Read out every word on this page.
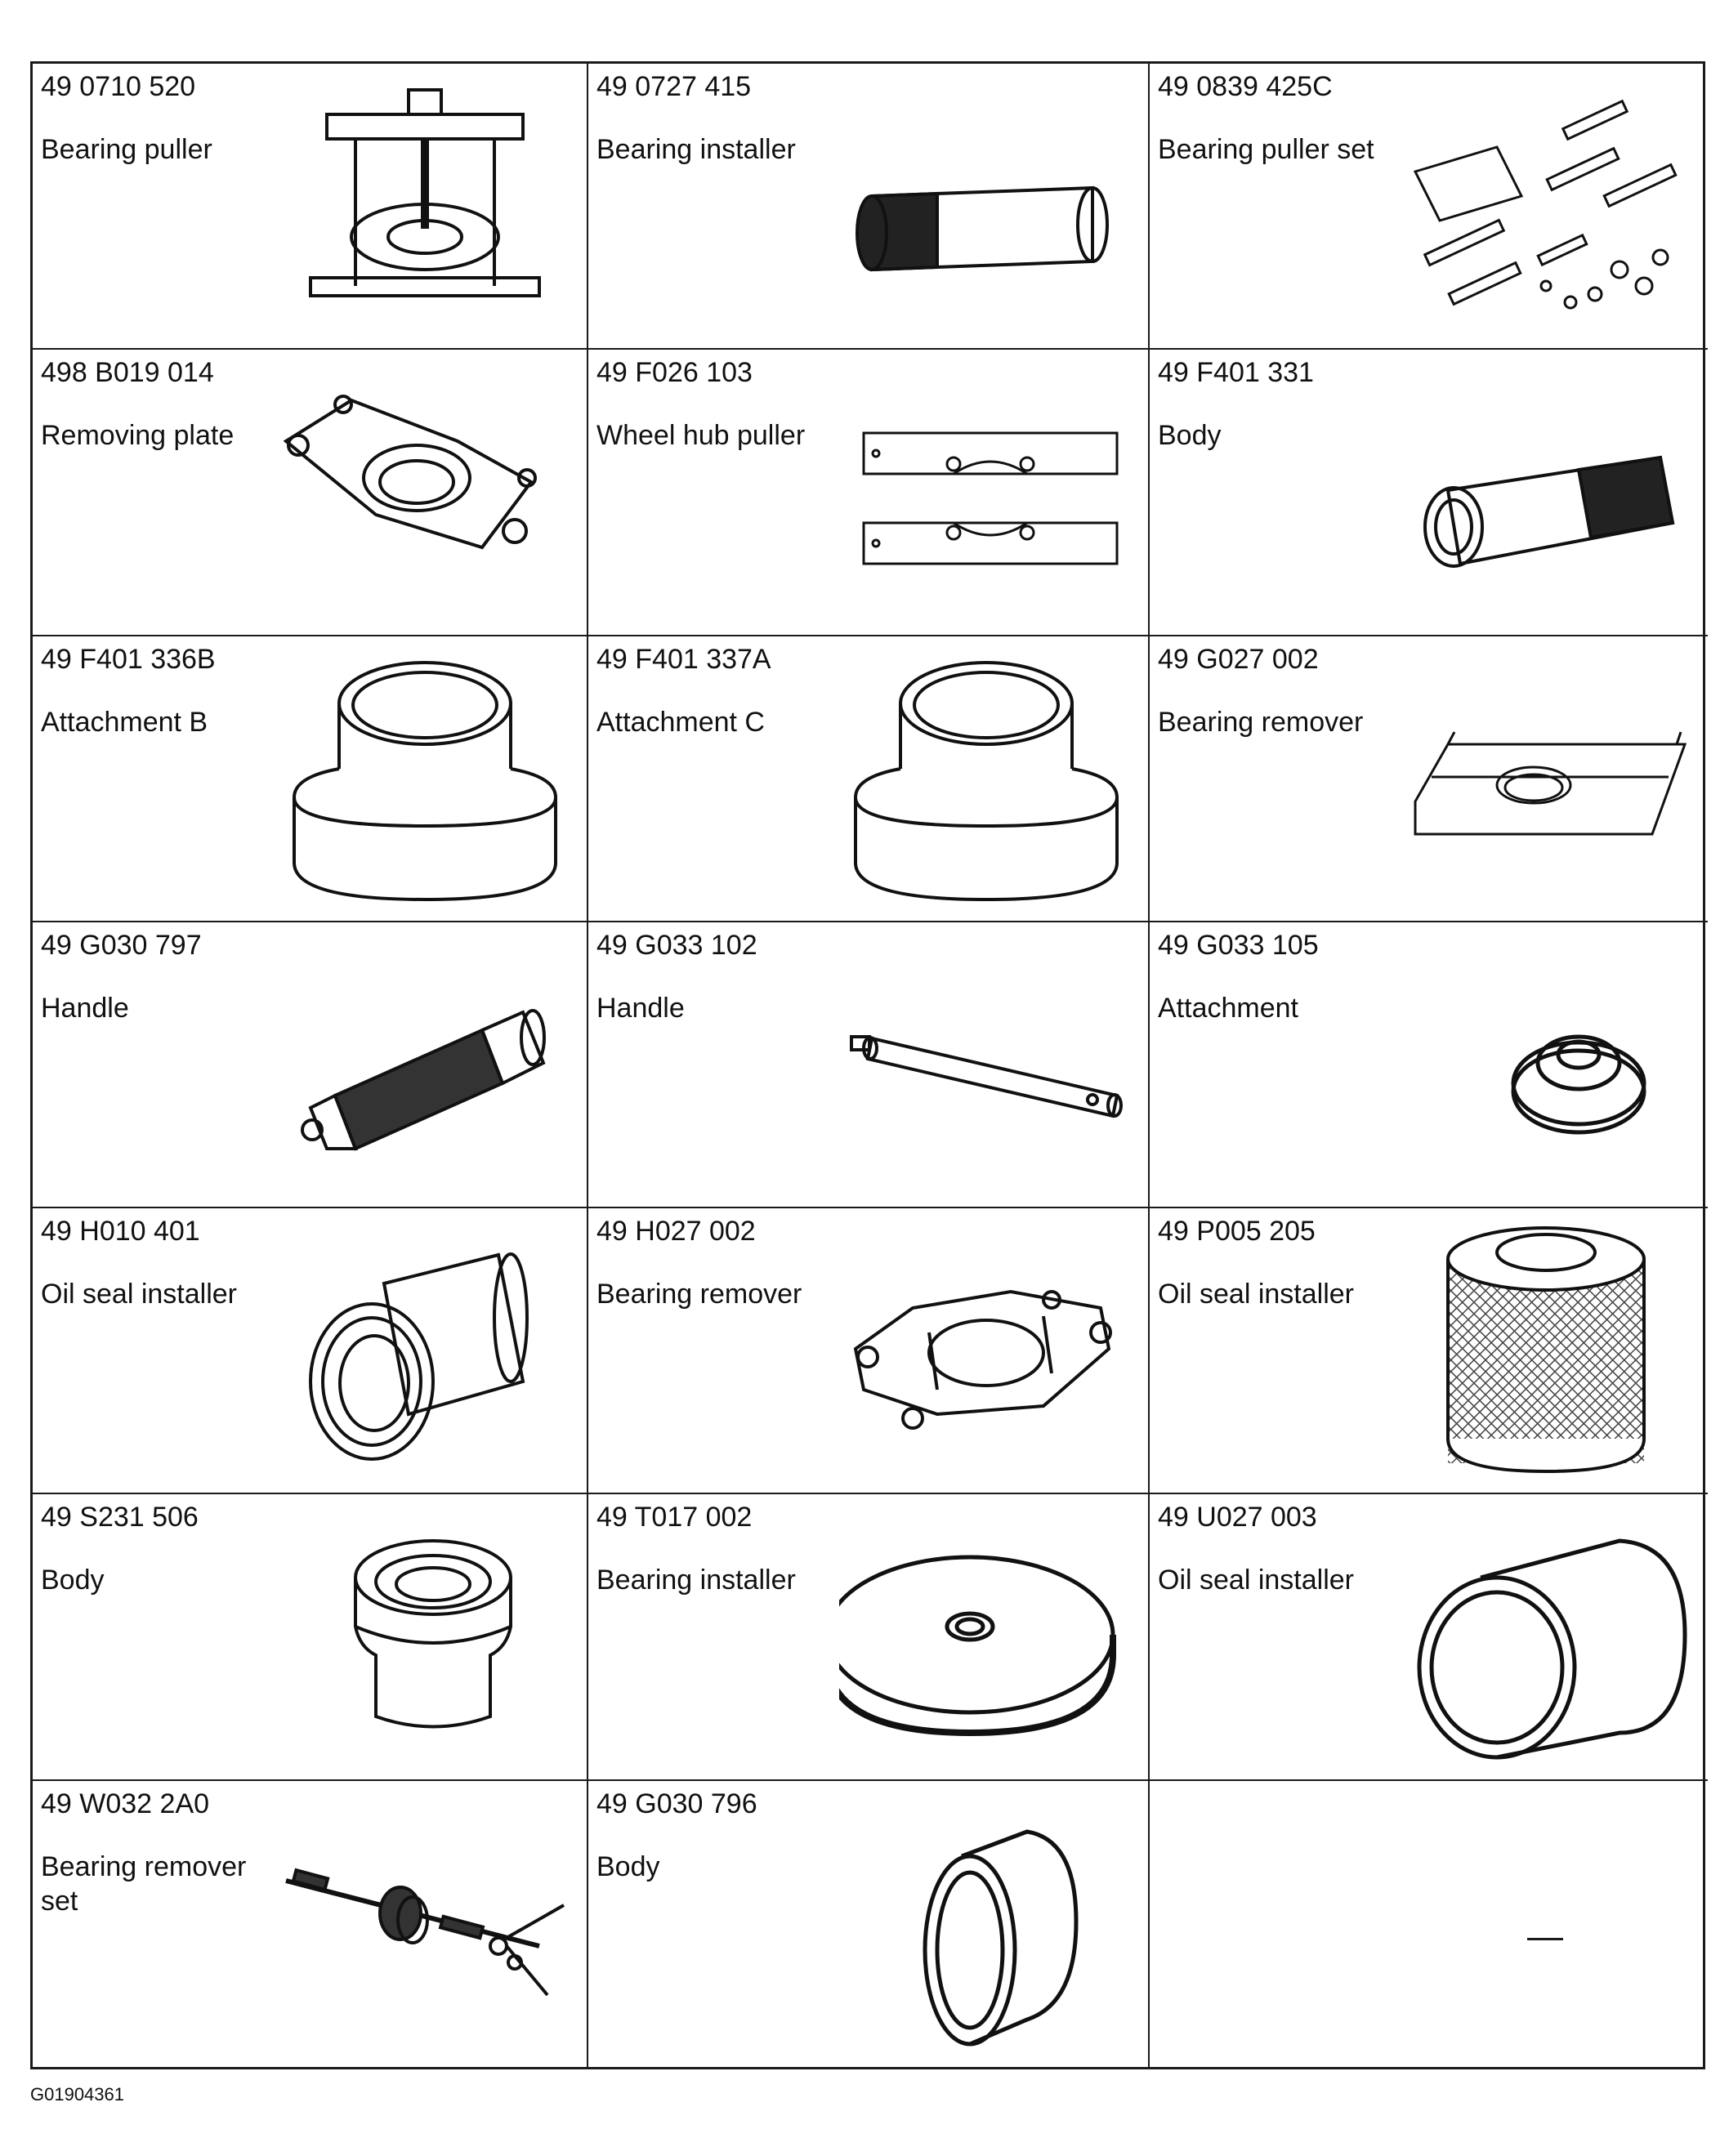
49 0710 520
Bearing puller
49 0727 415
Bearing installer
49 0839 425C
Bearing puller set
498 B019 014
Removing plate
49 F026 103
Wheel hub puller
49 F401 331
Body
49 F401 336B
Attachment B
49 F401 337A
Attachment C
49 G027 002
Bearing remover
49 G030 797
Handle
49 G033 102
Handle
49 G033 105
Attachment
49 H010 401
Oil seal installer
49 H027 002
Bearing remover
49 P005 205
Oil seal installer
49 S231 506
Body
49 T017 002
Bearing installer
49 U027 003
Oil seal installer
49 W032 2A0
Bearing remover set
49 G030 796
Body
G01904361
